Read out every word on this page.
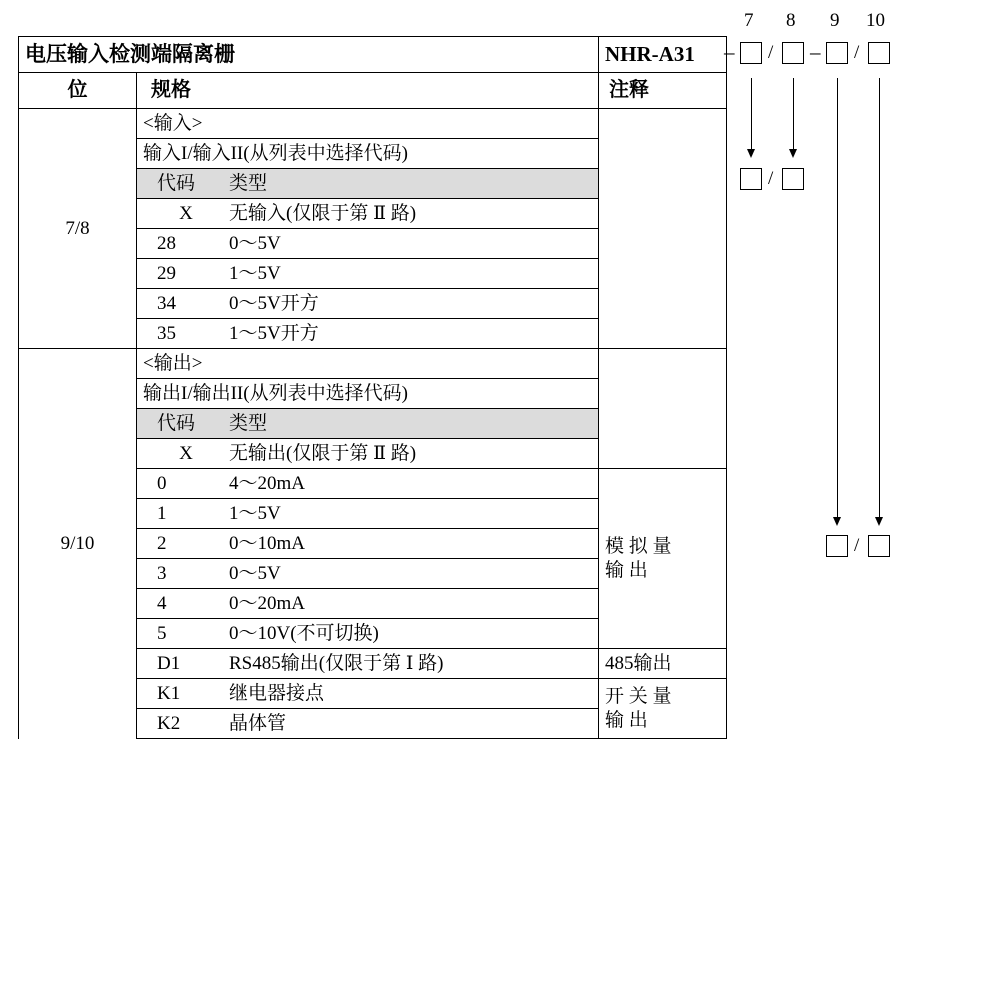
电压输入检测端隔离栅		NHR-A31
位	规格	注释
7/8	<输入>	
	输入I/输入II(从列表中选择代码)	

	代码 类型	

	X 无输入(仅限于第 Ⅱ 路)	

	28 0～5V	

	29 1～5V	

	34 0～5V开方	

	35 1～5V开方	

9/10	<输出>	
	输出I/输出II(从列表中选择代码)	

	代码 类型	

	X 无输出(仅限于第 Ⅱ 路)	

	0 4～20mA	模 拟 量
输 出

	1 1～5V	

	2 0～10mA	

	3 0～5V	

	4 0～20mA	

	5 0～10V(不可切换)	

	D1 RS485输出(仅限于第 Ⅰ 路)	485输出

	K1 继电器接点	开 关 量
输 出

	K2 晶体管	
7 8 9 10
– / – /
/
/
